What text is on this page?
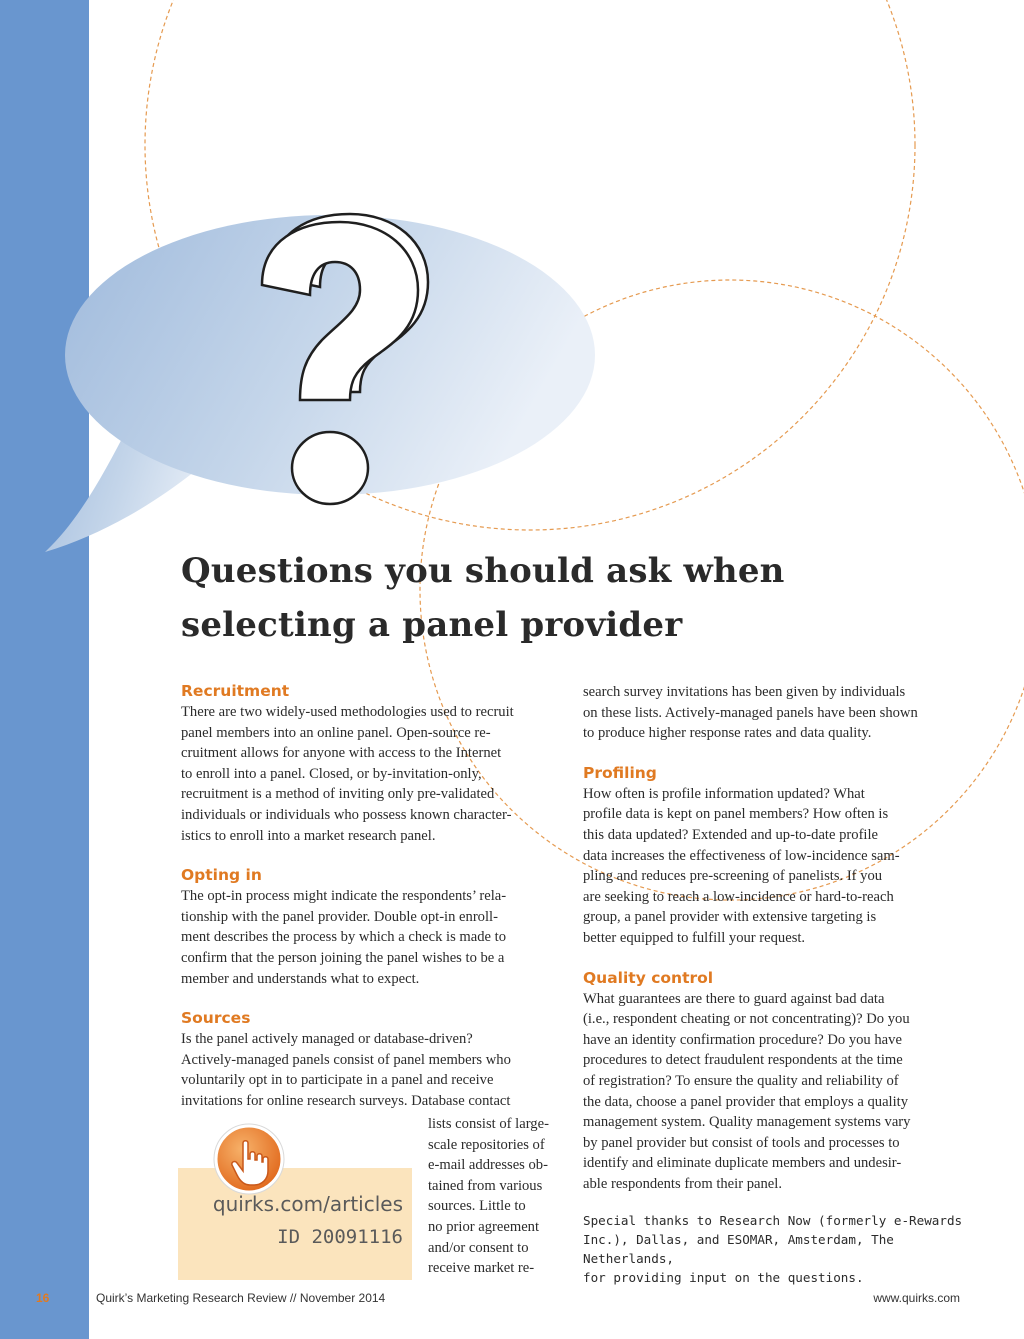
Questions you should ask when
selecting a panel provider
Recruitment
There are two widely-used methodologies used to recruit
panel members into an online panel. Open-source re-
cruitment allows for anyone with access to the Internet
to enroll into a panel. Closed, or by-invitation-only,
recruitment is a method of inviting only pre-validated
individuals or individuals who possess known character-
istics to enroll into a market research panel.
Opting in
The opt-in process might indicate the respondents’ rela-
tionship with the panel provider. Double opt-in enroll-
ment describes the process by which a check is made to
confirm that the person joining the panel wishes to be a
member and understands what to expect.
Sources
Is the panel actively managed or database-driven?
Actively-managed panels consist of panel members who
voluntarily opt in to participate in a panel and receive
invitations for online research surveys. Database contact
lists consist of large-
scale repositories of
e-mail addresses ob-
tained from various
sources. Little to
no prior agreement
and/or consent to
receive market re-
quirks.com/articles
ID 20091116
search survey invitations has been given by individuals
on these lists. Actively-managed panels have been shown
to produce higher response rates and data quality.
Profiling
How often is profile information updated? What
profile data is kept on panel members? How often is
this data updated? Extended and up-to-date profile
data increases the effectiveness of low-incidence sam-
pling and reduces pre-screening of panelists. If you
are seeking to reach a low-incidence or hard-to-reach
group, a panel provider with extensive targeting is
better equipped to fulfill your request.
Quality control
What guarantees are there to guard against bad data
(i.e., respondent cheating or not concentrating)? Do you
have an identity confirmation procedure? Do you have
procedures to detect fraudulent respondents at the time
of registration? To ensure the quality and reliability of
the data, choose a panel provider that employs a quality
management system. Quality management systems vary
by panel provider but consist of tools and processes to
identify and eliminate duplicate members and undesir-
able respondents from their panel.
Special thanks to Research Now (formerly e-Rewards
Inc.), Dallas, and ESOMAR, Amsterdam, The Netherlands,
for providing input on the questions.
16	Quirk’s Marketing Research Review // November 2014	www.quirks.com
